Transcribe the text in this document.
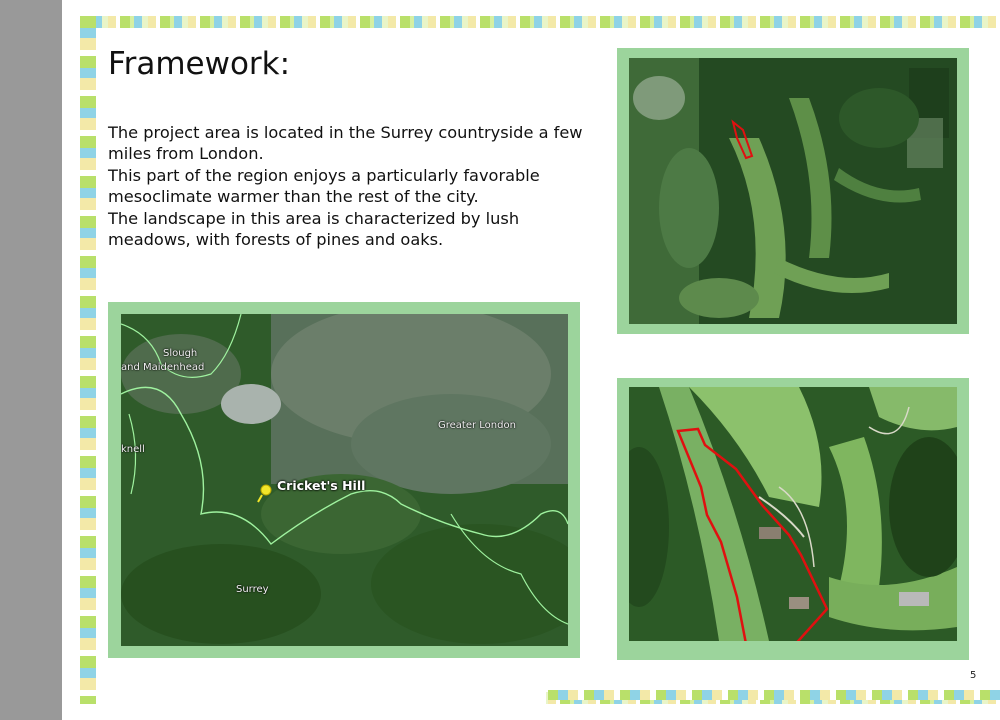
Framework:

The project area is located in the Surrey countryside a few miles from London.

This part of the region enjoys a particularly favorable mesoclimate warmer than the rest of the city.

The landscape in this area is characterized by lush meadows, with forests of pines and oaks.

Slough
and Maidenhead
knell
Greater London
Cricket's Hill
Surrey
5
